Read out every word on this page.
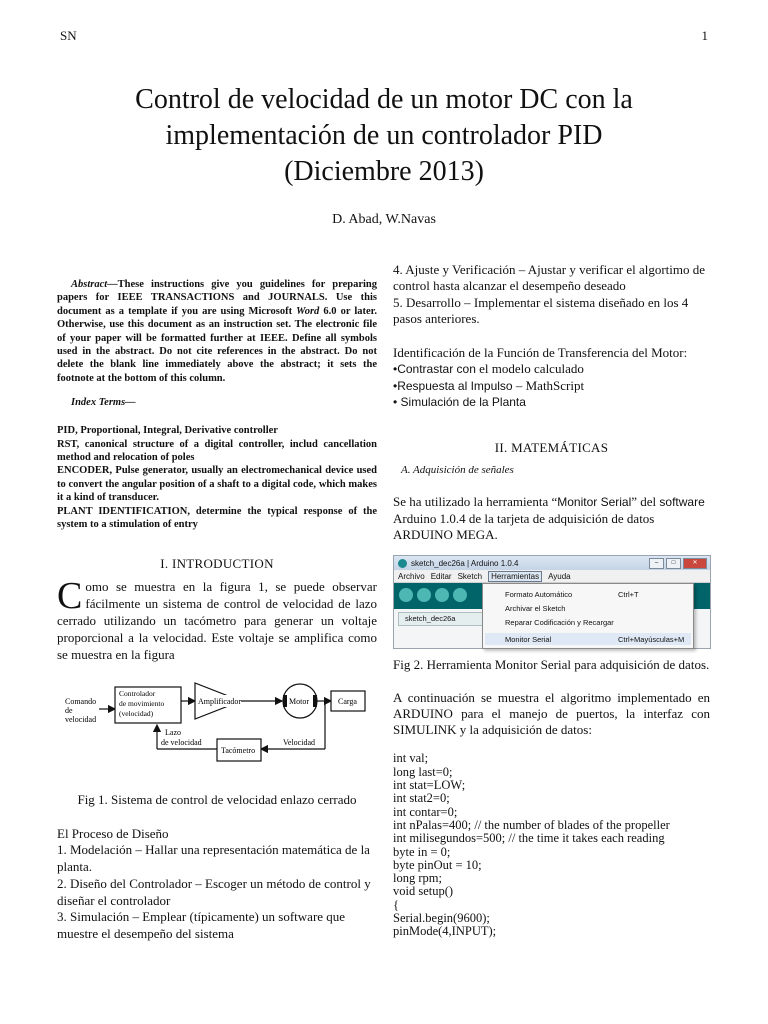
SN	1
Control de velocidad de un motor DC con la
implementación de un controlador PID
(Diciembre 2013)
D. Abad, W.Navas
Abstract—These instructions give you guidelines for preparing papers for IEEE TRANSACTIONS and JOURNALS. Use this document as a template if you are using Microsoft Word 6.0 or later. Otherwise, use this document as an instruction set. The electronic file of your paper will be formatted further at IEEE. Define all symbols used in the abstract. Do not cite references in the abstract. Do not delete the blank line immediately above the abstract; it sets the footnote at the bottom of this column.
Index Terms—
PID, Proportional, Integral, Derivative controller
RST, canonical structure of a digital controller, includ cancellation method and relocation of poles
ENCODER, Pulse generator, usually an electromechanical device used to convert the angular position of a shaft to a digital code, which makes it a kind of transducer.
PLANT IDENTIFICATION, determine the typical response of the system to a stimulation of entry
I. INTRODUCTION
Como se muestra en la figura 1, se puede observar fácilmente un sistema de control de velocidad de lazo cerrado utilizando un tacómetro para generar un voltaje proporcional a la velocidad. Este voltaje se amplifica como se muestra en la figura
Comando
de
velocidad
Controlador
de movimiento
(velocidad)
Amplificador	Motor	Carga
Velocidad
Tacómetro
Lazo
de velocidad
Fig 1. Sistema de control de velocidad enlazo cerrado
El Proceso de Diseño
1. Modelación – Hallar una representación matemática de la planta.
2. Diseño del Controlador – Escoger un método de control y diseñar el controlador
3. Simulación – Emplear (típicamente) un software que muestre el desempeño del sistema

4. Ajuste y Verificación – Ajustar y verificar el algortimo de control hasta alcanzar el desempeño deseado

5. Desarrollo – Implementar el sistema diseñado en los 4 pasos anteriores.

Identificación de la Función de Transferencia del Motor:

•Contrastar con el modelo calculado

•Respuesta al Impulso – MathScript

• Simulación de la Planta

II. MATEMÁTICAS
A. Adquisición de señales
Se ha utilizado la herramienta “Monitor Serial” del software Arduino 1.0.4 de la tarjeta de adquisición de datos ARDUINO MEGA.
sketch_dec26a | Arduino 1.0.4	–	□	✕
Archivo Editar Sketch	Herramientas	Ayuda
sketch_dec26a
Formato Automático	Ctrl+T
Archivar el Sketch
Reparar Codificación y Recargar
Monitor Serial	Ctrl+Mayúsculas+M
Fig 2. Herramienta Monitor Serial para adquisición de datos.
A continuación se muestra el algoritmo implementado en ARDUINO para el manejo de puertos, la interfaz con SIMULINK y la adquisición de datos:
int val;
long last=0;
int stat=LOW;
int stat2=0;
int contar=0;
int nPalas=400; // the number of blades of the propeller
int milisegundos=500; // the time it takes each reading
byte in = 0;
byte pinOut = 10;
long rpm;
void setup()
{
Serial.begin(9600);
pinMode(4,INPUT);
